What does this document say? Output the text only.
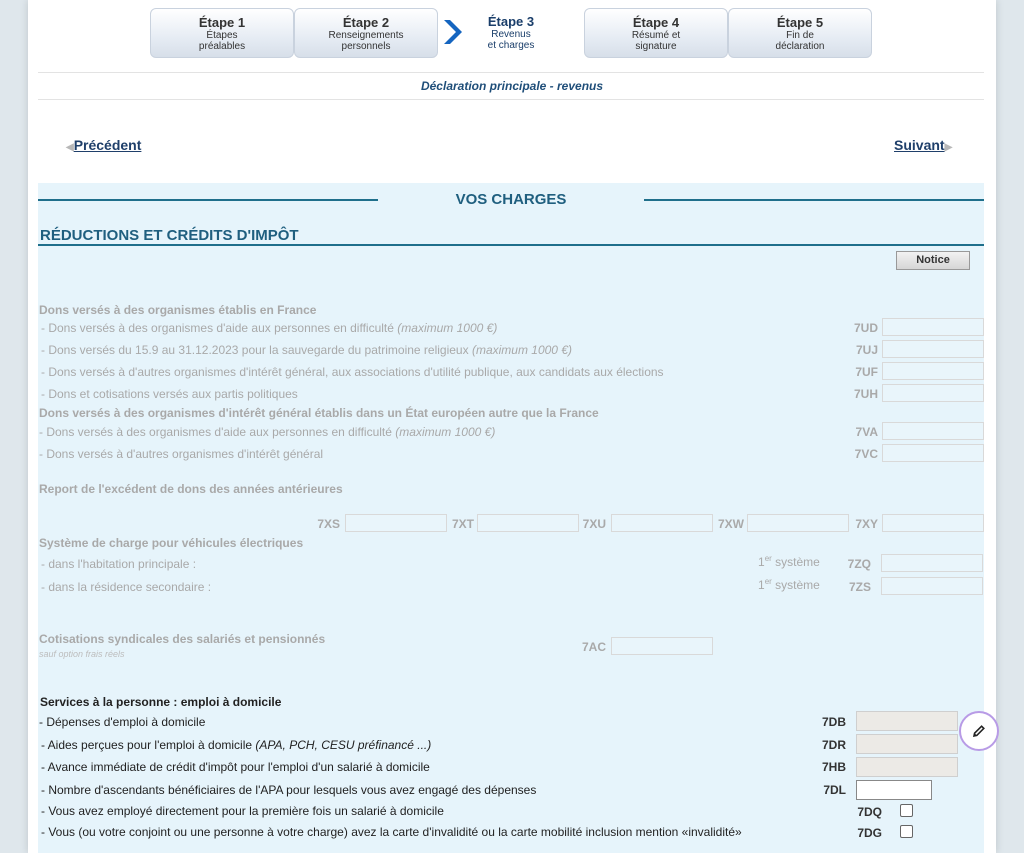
Étape 1
Étapes
préalables
Étape 2
Renseignements
personnels
Étape 3
Revenus
et charges
Étape 4
Résumé et
signature
Étape 5
Fin de
déclaration
Déclaration principale - revenus
◀Précédent	Suivant▶
VOS CHARGES
RÉDUCTIONS ET CRÉDITS D'IMPÔT
Notice
Dons versés à des organismes établis en France
- Dons versés à des organismes d'aide aux personnes en difficulté (maximum 1000 €)	7UD
- Dons versés du 15.9 au 31.12.2023 pour la sauvegarde du patrimoine religieux (maximum 1000 €)	7UJ
- Dons versés à d'autres organismes d'intérêt général, aux associations d'utilité publique, aux candidats aux élections	7UF
- Dons et cotisations versés aux partis politiques	7UH
Dons versés à des organismes d'intérêt général établis dans un État européen autre que la France
- Dons versés à des organismes d'aide aux personnes en difficulté (maximum 1000 €)	7VA
- Dons versés à d'autres organismes d'intérêt général	7VC
Report de l'excédent de dons des années antérieures
7XS	7XT	7XU	7XW	7XY
Système de charge pour véhicules électriques
- dans l'habitation principale :	1er système	7ZQ
- dans la résidence secondaire :	1er système	7ZS
Cotisations syndicales des salariés et pensionnés
sauf option frais réels	7AC
Services à la personne : emploi à domicile
- Dépenses d'emploi à domicile	7DB
- Aides perçues pour l'emploi à domicile (APA, PCH, CESU préfinancé ...)	7DR
- Avance immédiate de crédit d'impôt pour l'emploi d'un salarié à domicile	7HB
- Nombre d'ascendants bénéficiaires de l'APA pour lesquels vous avez engagé des dépenses	7DL
- Vous avez employé directement pour la première fois un salarié à domicile	7DQ
- Vous (ou votre conjoint ou une personne à votre charge) avez la carte d'invalidité ou la carte mobilité inclusion mention «invalidité»	7DG
